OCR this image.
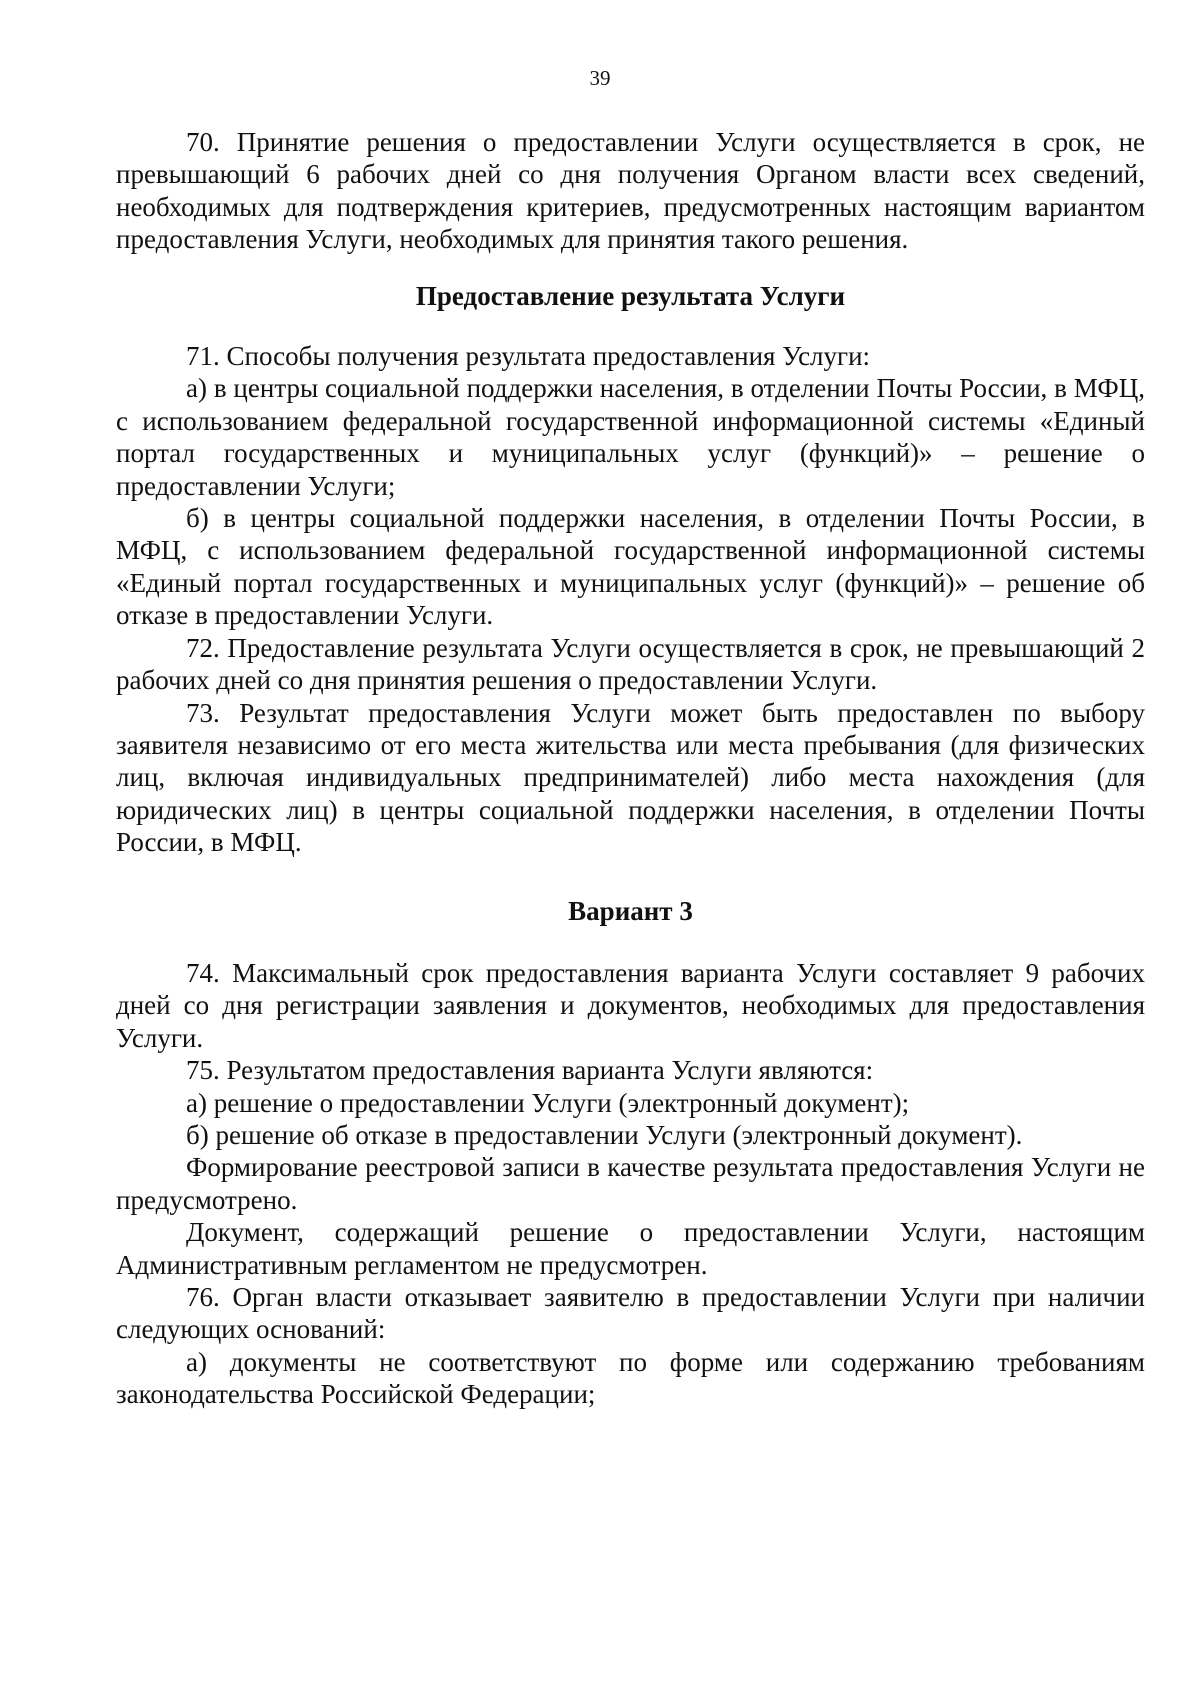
39

70. Принятие решения о предоставлении Услуги осуществляется в срок, не превышающий 6 рабочих дней со дня получения Органом власти всех сведений, необходимых для подтверждения критериев, предусмотренных настоящим вариантом предоставления Услуги, необходимых для принятия такого решения.

Предоставление результата Услуги

71. Способы получения результата предоставления Услуги:

а) в центры социальной поддержки населения, в отделении Почты России, в МФЦ, с использованием федеральной государственной информационной системы «Единый портал государственных и муниципальных услуг (функций)» – решение о предоставлении Услуги;

б) в центры социальной поддержки населения, в отделении Почты России, в МФЦ, с использованием федеральной государственной информационной системы «Единый портал государственных и муниципальных услуг (функций)» – решение об отказе в предоставлении Услуги.

72. Предоставление результата Услуги осуществляется в срок, не превышающий 2 рабочих дней со дня принятия решения о предоставлении Услуги.

73. Результат предоставления Услуги может быть предоставлен по выбору заявителя независимо от его места жительства или места пребывания (для физических лиц, включая индивидуальных предпринимателей) либо места нахождения (для юридических лиц) в центры социальной поддержки населения, в отделении Почты России, в МФЦ.

Вариант 3

74. Максимальный срок предоставления варианта Услуги составляет 9 рабочих дней со дня регистрации заявления и документов, необходимых для предоставления Услуги.

75. Результатом предоставления варианта Услуги являются:

а) решение о предоставлении Услуги (электронный документ);

б) решение об отказе в предоставлении Услуги (электронный документ).

Формирование реестровой записи в качестве результата предоставления Услуги не предусмотрено.

Документ, содержащий решение о предоставлении Услуги, настоящим Административным регламентом не предусмотрен.

76. Орган власти отказывает заявителю в предоставлении Услуги при наличии следующих оснований:

а) документы не соответствуют по форме или содержанию требованиям законодательства Российской Федерации;
